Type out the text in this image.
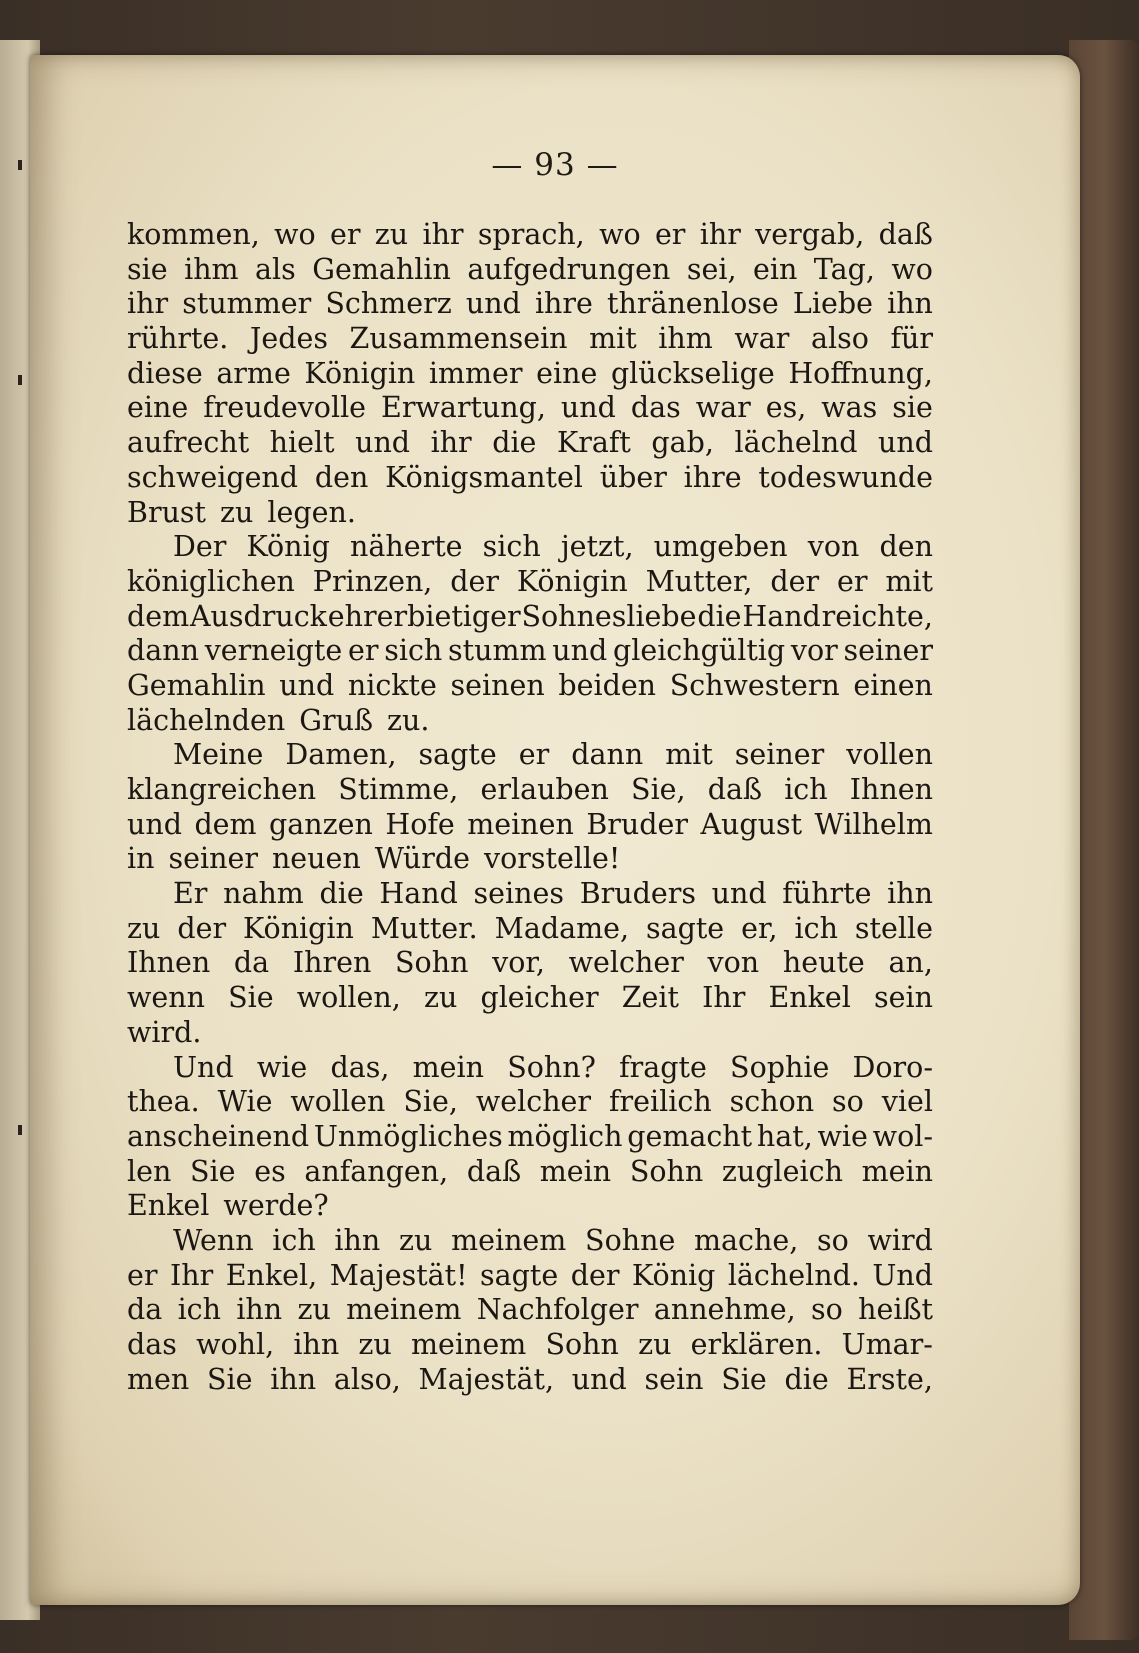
— 93 —
kommen, wo er zu ihr sprach, wo er ihr vergab, daß
sie ihm als Gemahlin aufgedrungen sei, ein Tag, wo
ihr stummer Schmerz und ihre thränenlose Liebe ihn
rührte. Jedes Zusammensein mit ihm war also für
diese arme Königin immer eine glückselige Hoffnung,
eine freudevolle Erwartung, und das war es, was sie
aufrecht hielt und ihr die Kraft gab, lächelnd und
schweigend den Königsmantel über ihre todeswunde
Brust zu legen.
Der König näherte sich jetzt, umgeben von den
königlichen Prinzen, der Königin Mutter, der er mit
dem Ausdruck ehrerbietiger Sohnesliebe die Hand reichte,
dann verneigte er sich stumm und gleichgültig vor seiner
Gemahlin und nickte seinen beiden Schwestern einen
lächelnden Gruß zu.
Meine Damen, sagte er dann mit seiner vollen
klangreichen Stimme, erlauben Sie, daß ich Ihnen
und dem ganzen Hofe meinen Bruder August Wilhelm
in seiner neuen Würde vorstelle!
Er nahm die Hand seines Bruders und führte ihn
zu der Königin Mutter. Madame, sagte er, ich stelle
Ihnen da Ihren Sohn vor, welcher von heute an,
wenn Sie wollen, zu gleicher Zeit Ihr Enkel sein
wird.
Und wie das, mein Sohn? fragte Sophie Doro-
thea. Wie wollen Sie, welcher freilich schon so viel
anscheinend Unmögliches möglich gemacht hat, wie wol-
len Sie es anfangen, daß mein Sohn zugleich mein
Enkel werde?
Wenn ich ihn zu meinem Sohne mache, so wird
er Ihr Enkel, Majestät! sagte der König lächelnd. Und
da ich ihn zu meinem Nachfolger annehme, so heißt
das wohl, ihn zu meinem Sohn zu erklären. Umar-
men Sie ihn also, Majestät, und sein Sie die Erste,
